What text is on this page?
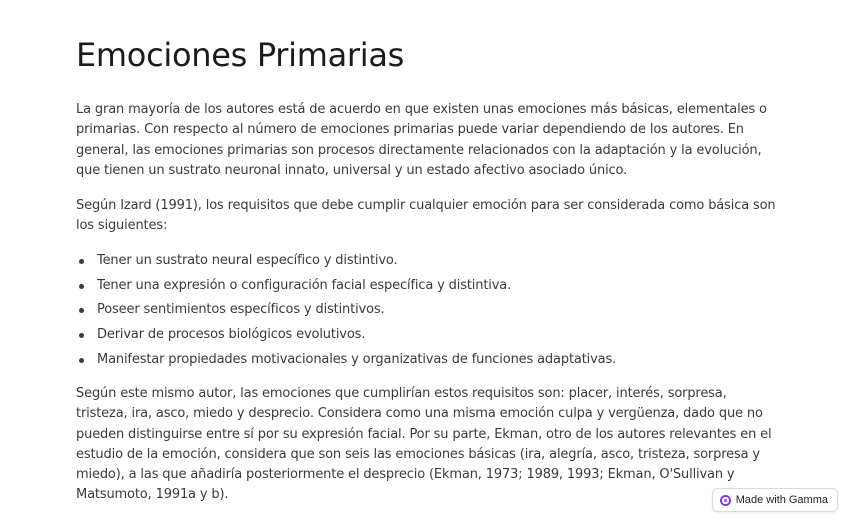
Emociones Primarias

La gran mayoría de los autores está de acuerdo en que existen unas emociones más básicas, elementales o primarias. Con respecto al número de emociones primarias puede variar dependiendo de los autores. En general, las emociones primarias son procesos directamente relacionados con la adaptación y la evolución, que tienen un sustrato neuronal innato, universal y un estado afectivo asociado único.

Según Izard (1991), los requisitos que debe cumplir cualquier emoción para ser considerada como básica son los siguientes:

Tener un sustrato neural específico y distintivo.
Tener una expresión o configuración facial específica y distintiva.
Poseer sentimientos específicos y distintivos.
Derivar de procesos biológicos evolutivos.
Manifestar propiedades motivacionales y organizativas de funciones adaptativas.

Según este mismo autor, las emociones que cumplirían estos requisitos son: placer, interés, sorpresa, tristeza, ira, asco, miedo y desprecio. Considera como una misma emoción culpa y vergüenza, dado que no pueden distinguirse entre sí por su expresión facial. Por su parte, Ekman, otro de los autores relevantes en el estudio de la emoción, considera que son seis las emociones básicas (ira, alegría, asco, tristeza, sorpresa y miedo), a las que añadiría posteriormente el desprecio (Ekman, 1973; 1989, 1993; Ekman, O'Sullivan y Matsumoto, 1991a y b).	Made with Gamma
